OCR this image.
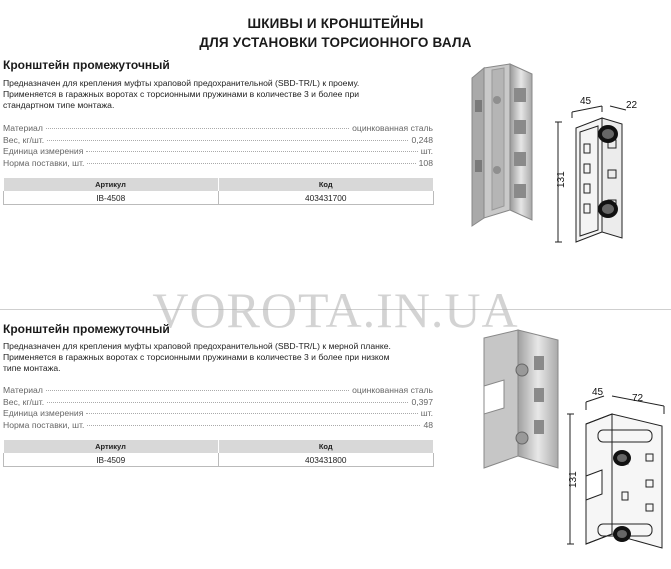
ШКИВЫ И КРОНШТЕЙНЫ
ДЛЯ УСТАНОВКИ ТОРСИОННОГО ВАЛА
Кронштейн промежуточный
Предназначен для крепления муфты храповой предохранительной (SBD-TR/L) к проему.
Применяется в гаражных воротах с торсионными пружинами в количестве 3 и более при
стандартном типе монтажа.
Материал	оцинкованная сталь
Вес, кг/шт.	0,248
Единица измерения	шт.
Норма поставки, шт.	108
Артикул	Код
IB-4508	403431700
45	22
131
Кронштейн промежуточный
Предназначен для крепления муфты храповой предохранительной (SBD-TR/L) к мерной планке.
Применяется в гаражных воротах с торсионными пружинами в количестве 3 и более при низком
типе монтажа.
Материал	оцинкованная сталь
Вес, кг/шт.	0,397
Единица измерения	шт.
Норма поставки, шт.	48
Артикул	Код
IB-4509	403431800
45
72
131
VOROTA.IN.UA
